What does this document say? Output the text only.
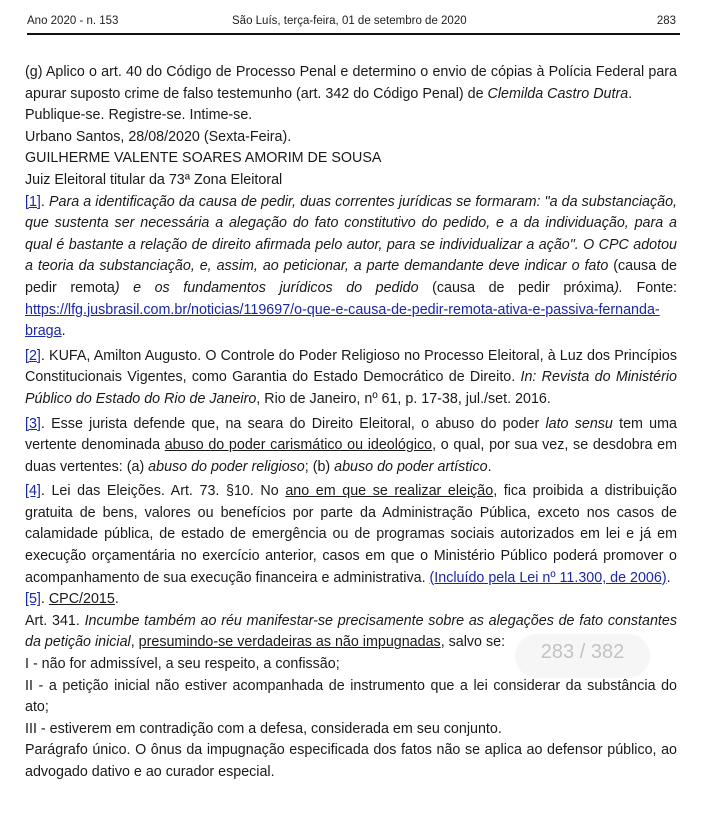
Ano 2020 - n. 153	São Luís, terça-feira, 01 de setembro de 2020	283

(g) Aplico o art. 40 do Código de Processo Penal e determino o envio de cópias à Polícia Federal para apurar suposto crime de falso testemunho (art. 342 do Código Penal) de Clemilda Castro Dutra.

Publique-se. Registre-se. Intime-se.

Urbano Santos, 28/08/2020 (Sexta-Feira).

GUILHERME VALENTE SOARES AMORIM DE SOUSA

Juiz Eleitoral titular da 73ª Zona Eleitoral

[1]. Para a identificação da causa de pedir, duas correntes jurídicas se formaram: "a da substanciação, que sustenta ser necessária a alegação do fato constitutivo do pedido, e a da individuação, para a qual é bastante a relação de direito afirmada pelo autor, para se individualizar a ação". O CPC adotou a teoria da substanciação, e, assim, ao peticionar, a parte demandante deve indicar o fato (causa de pedir remota) e os fundamentos jurídicos do pedido (causa de pedir próxima). Fonte: https://lfg.jusbrasil.com.br/noticias/119697/o-que-e-causa-de-pedir-remota-ativa-e-passiva-fernanda-braga.

[2]. KUFA, Amilton Augusto. O Controle do Poder Religioso no Processo Eleitoral, à Luz dos Princípios Constitucionais Vigentes, como Garantia do Estado Democrático de Direito. In: Revista do Ministério Público do Estado do Rio de Janeiro, Rio de Janeiro, nº 61, p. 17-38, jul./set. 2016.

[3]. Esse jurista defende que, na seara do Direito Eleitoral, o abuso do poder lato sensu tem uma vertente denominada abuso do poder carismático ou ideológico, o qual, por sua vez, se desdobra em duas vertentes: (a) abuso do poder religioso; (b) abuso do poder artístico.

[4]. Lei das Eleições. Art. 73. §10. No ano em que se realizar eleição, fica proibida a distribuição gratuita de bens, valores ou benefícios por parte da Administração Pública, exceto nos casos de calamidade pública, de estado de emergência ou de programas sociais autorizados em lei e já em execução orçamentária no exercício anterior, casos em que o Ministério Público poderá promover o acompanhamento de sua execução financeira e administrativa. (Incluído pela Lei nº 11.300, de 2006).

[5]. CPC/2015.

Art. 341. Incumbe também ao réu manifestar-se precisamente sobre as alegações de fato constantes da petição inicial, presumindo-se verdadeiras as não impugnadas, salvo se:

I - não for admissível, a seu respeito, a confissão;

II - a petição inicial não estiver acompanhada de instrumento que a lei considerar da substância do ato;

III - estiverem em contradição com a defesa, considerada em seu conjunto.

Parágrafo único. O ônus da impugnação especificada dos fatos não se aplica ao defensor público, ao advogado dativo e ao curador especial.

283 / 382
